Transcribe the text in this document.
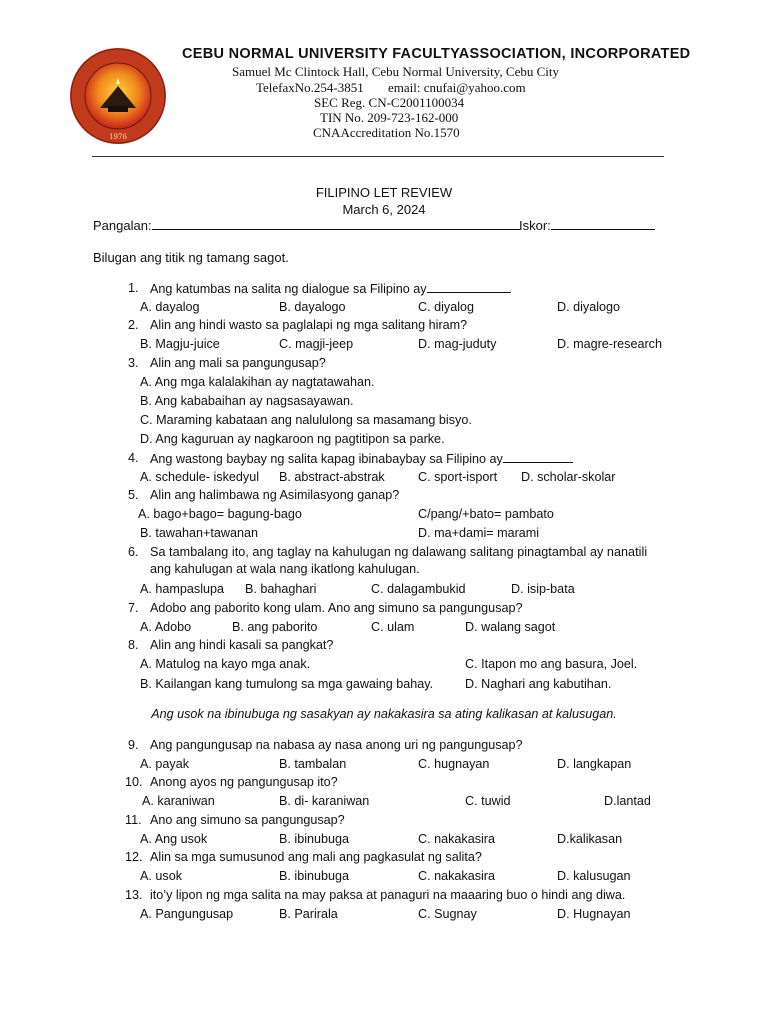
1976
CEBU NORMAL UNIVERSITY FACULTYASSOCIATION, INCORPORATED
Samuel Mc Clintock Hall, Cebu Normal University, Cebu City
TelefaxNo.254-3851 email: cnufai@yahoo.com
SEC Reg. CN-C2001100034
TIN No. 209-723-162-000
CNAAccreditation No.1570
FILIPINO LET REVIEW
March 6, 2024
Pangalan:	Iskor:
Bilugan ang titik ng tamang sagot.
1. Ang katumbas na salita ng dialogue sa Filipino ay
A. dayalog	B. dayalogo	C. diyalog	D. diyalogo
2. Alin ang hindi wasto sa paglalapi ng mga salitang hiram?
B. Magju-juice	C. magji-jeep	D. mag-juduty	D. magre-research
3. Alin ang mali sa pangungusap?
A. Ang mga kalalakihan ay nagtatawahan.
B. Ang kababaihan ay nagsasayawan.
C. Maraming kabataan ang nalululong sa masamang bisyo.
D. Ang kaguruan ay nagkaroon ng pagtitipon sa parke.
4. Ang wastong baybay ng salita kapag ibinabaybay sa Filipino ay
A. schedule- iskedyul B. abstract-abstrak	C. sport-isport D. scholar-skolar
5. Alin ang halimbawa ng Asimilasyong ganap?
A. bago+bago= bagung-bago	C/pang/+bato= pambato
B. tawahan+tawanan	D. ma+dami= marami
6. Sa tambalang ito, ang taglay na kahulugan ng dalawang salitang pinagtambal ay nanatili
ang kahulugan at wala nang ikatlong kahulugan.
A. hampaslupa B. bahaghari	C. dalagambukid	D. isip-bata
7. Adobo ang paborito kong ulam. Ano ang simuno sa pangungusap?
A. Adobo	B. ang paborito	C. ulam	D. walang sagot
8. Alin ang hindi kasali sa pangkat?
A. Matulog na kayo mga anak.	C. Itapon mo ang basura, Joel.
B. Kailangan kang tumulong sa mga gawaing bahay.	D. Naghari ang kabutihan.
Ang usok na ibinubuga ng sasakyan ay nakakasira sa ating kalikasan at kalusugan.
9. Ang pangungusap na nabasa ay nasa anong uri ng pangungusap?
A. payak	B. tambalan	C. hugnayan	D. langkapan
10. Anong ayos ng pangungusap ito?
A. karaniwan	B. di- karaniwan	C. tuwid	D.lantad
11. Ano ang simuno sa pangungusap?
A. Ang usok	B. ibinubuga	C. nakakasira	D.kalikasan
12. Alin sa mga sumusunod ang mali ang pagkasulat ng salita?
A. usok	B. ibinubuga	C. nakakasira	D. kalusugan
13. ito’y lipon ng mga salita na may paksa at panaguri na maaaring buo o hindi ang diwa.
A. Pangungusap	B. Parirala	C. Sugnay	D. Hugnayan
